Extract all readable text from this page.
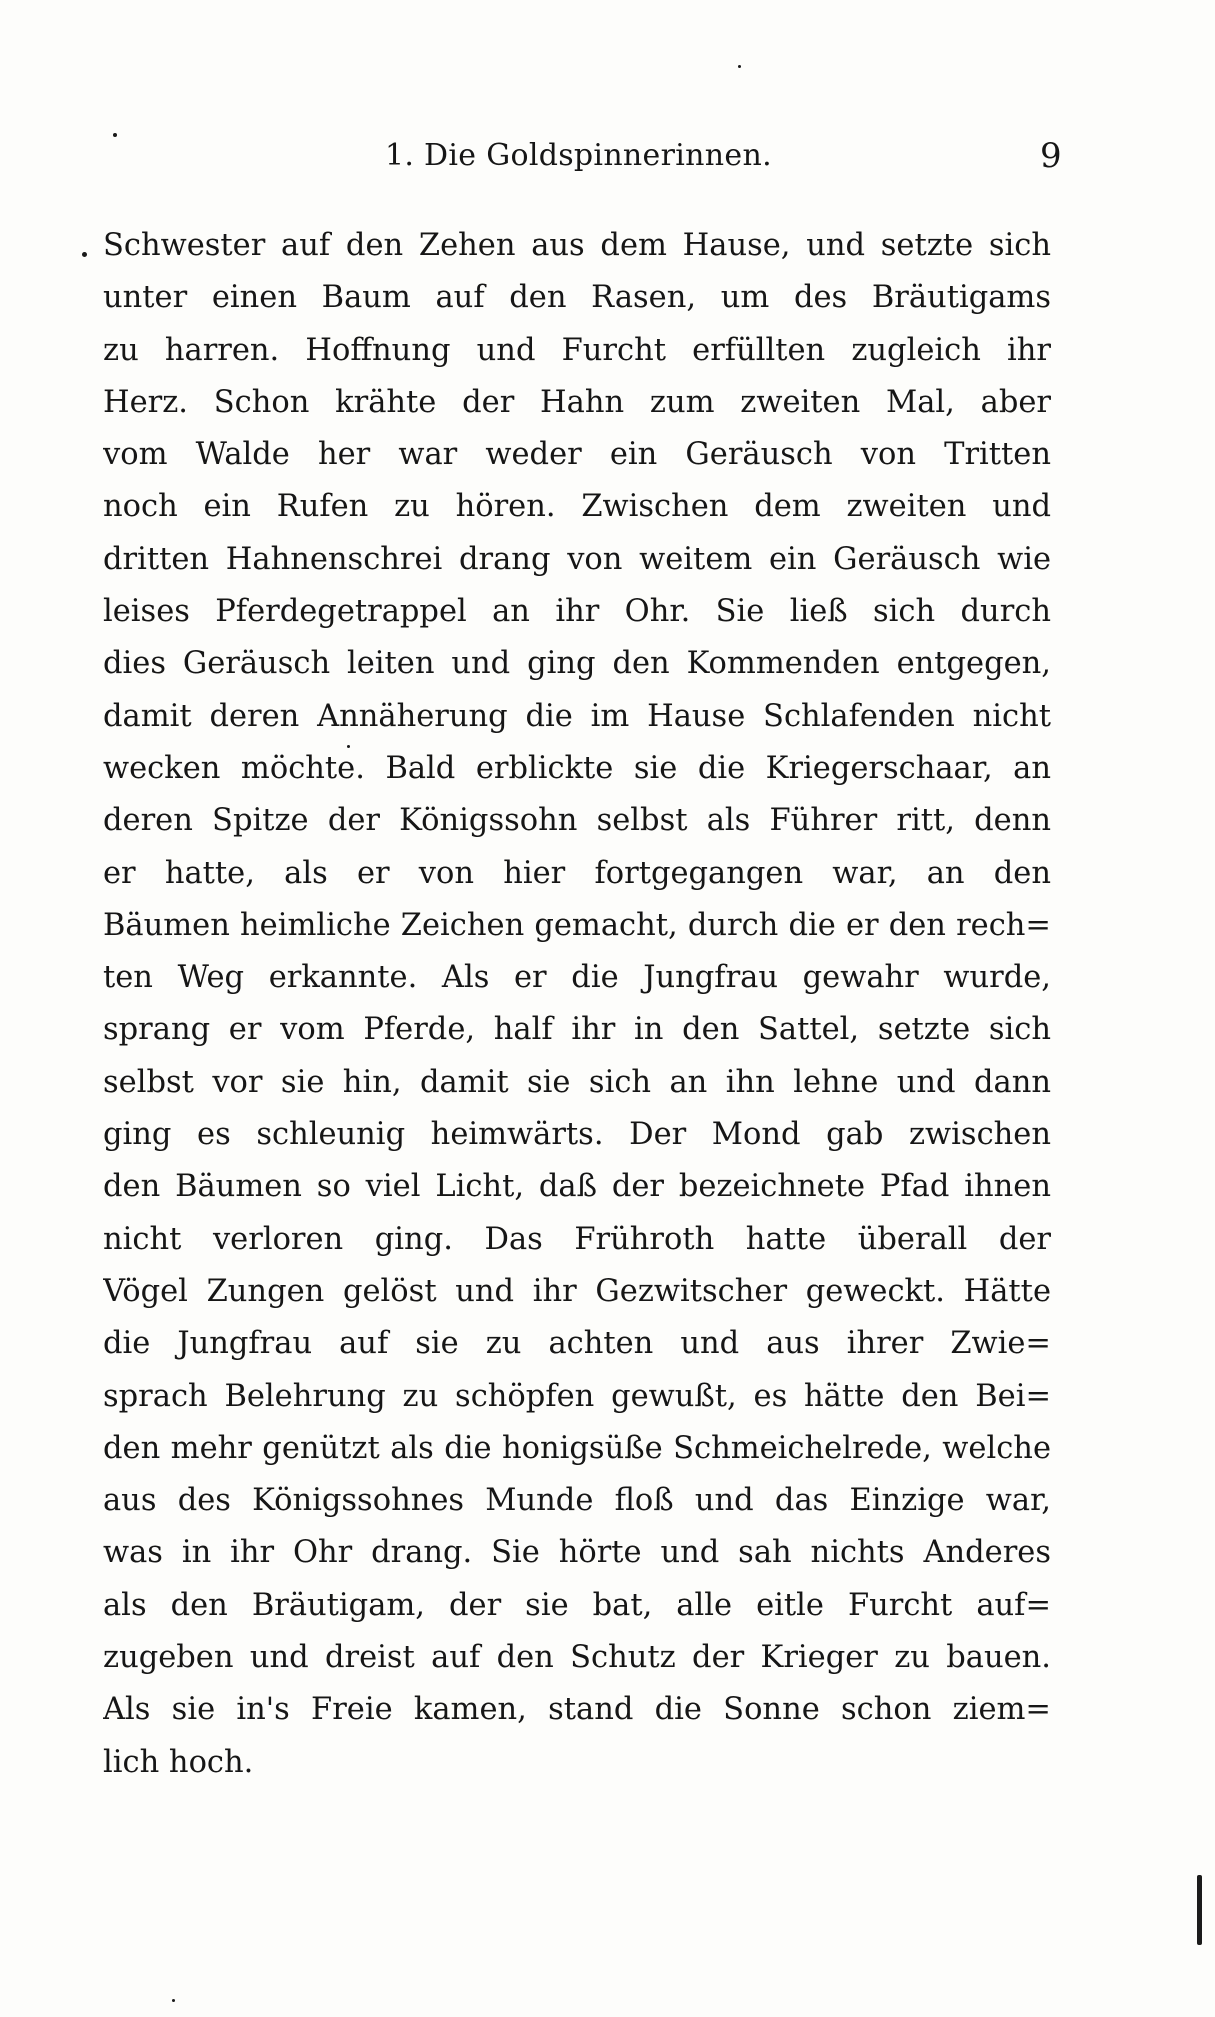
1. Die Goldspinnerinnen.	9
Schwester auf den Zehen aus dem Hause, und setzte sich
unter einen Baum auf den Rasen, um des Bräutigams
zu harren. Hoffnung und Furcht erfüllten zugleich ihr
Herz. Schon krähte der Hahn zum zweiten Mal, aber
vom Walde her war weder ein Geräusch von Tritten
noch ein Rufen zu hören. Zwischen dem zweiten und
dritten Hahnenschrei drang von weitem ein Geräusch wie
leises Pferdegetrappel an ihr Ohr. Sie ließ sich durch
dies Geräusch leiten und ging den Kommenden entgegen,
damit deren Annäherung die im Hause Schlafenden nicht
wecken möchte. Bald erblickte sie die Kriegerschaar, an
deren Spitze der Königssohn selbst als Führer ritt, denn
er hatte, als er von hier fortgegangen war, an den
Bäumen heimliche Zeichen gemacht, durch die er den rech=
ten Weg erkannte. Als er die Jungfrau gewahr wurde,
sprang er vom Pferde, half ihr in den Sattel, setzte sich
selbst vor sie hin, damit sie sich an ihn lehne und dann
ging es schleunig heimwärts. Der Mond gab zwischen
den Bäumen so viel Licht, daß der bezeichnete Pfad ihnen
nicht verloren ging. Das Frühroth hatte überall der
Vögel Zungen gelöst und ihr Gezwitscher geweckt. Hätte
die Jungfrau auf sie zu achten und aus ihrer Zwie=
sprach Belehrung zu schöpfen gewußt, es hätte den Bei=
den mehr genützt als die honigsüße Schmeichelrede, welche
aus des Königssohnes Munde floß und das Einzige war,
was in ihr Ohr drang. Sie hörte und sah nichts Anderes
als den Bräutigam, der sie bat, alle eitle Furcht auf=
zugeben und dreist auf den Schutz der Krieger zu bauen.
Als sie in's Freie kamen, stand die Sonne schon ziem=
lich hoch.
